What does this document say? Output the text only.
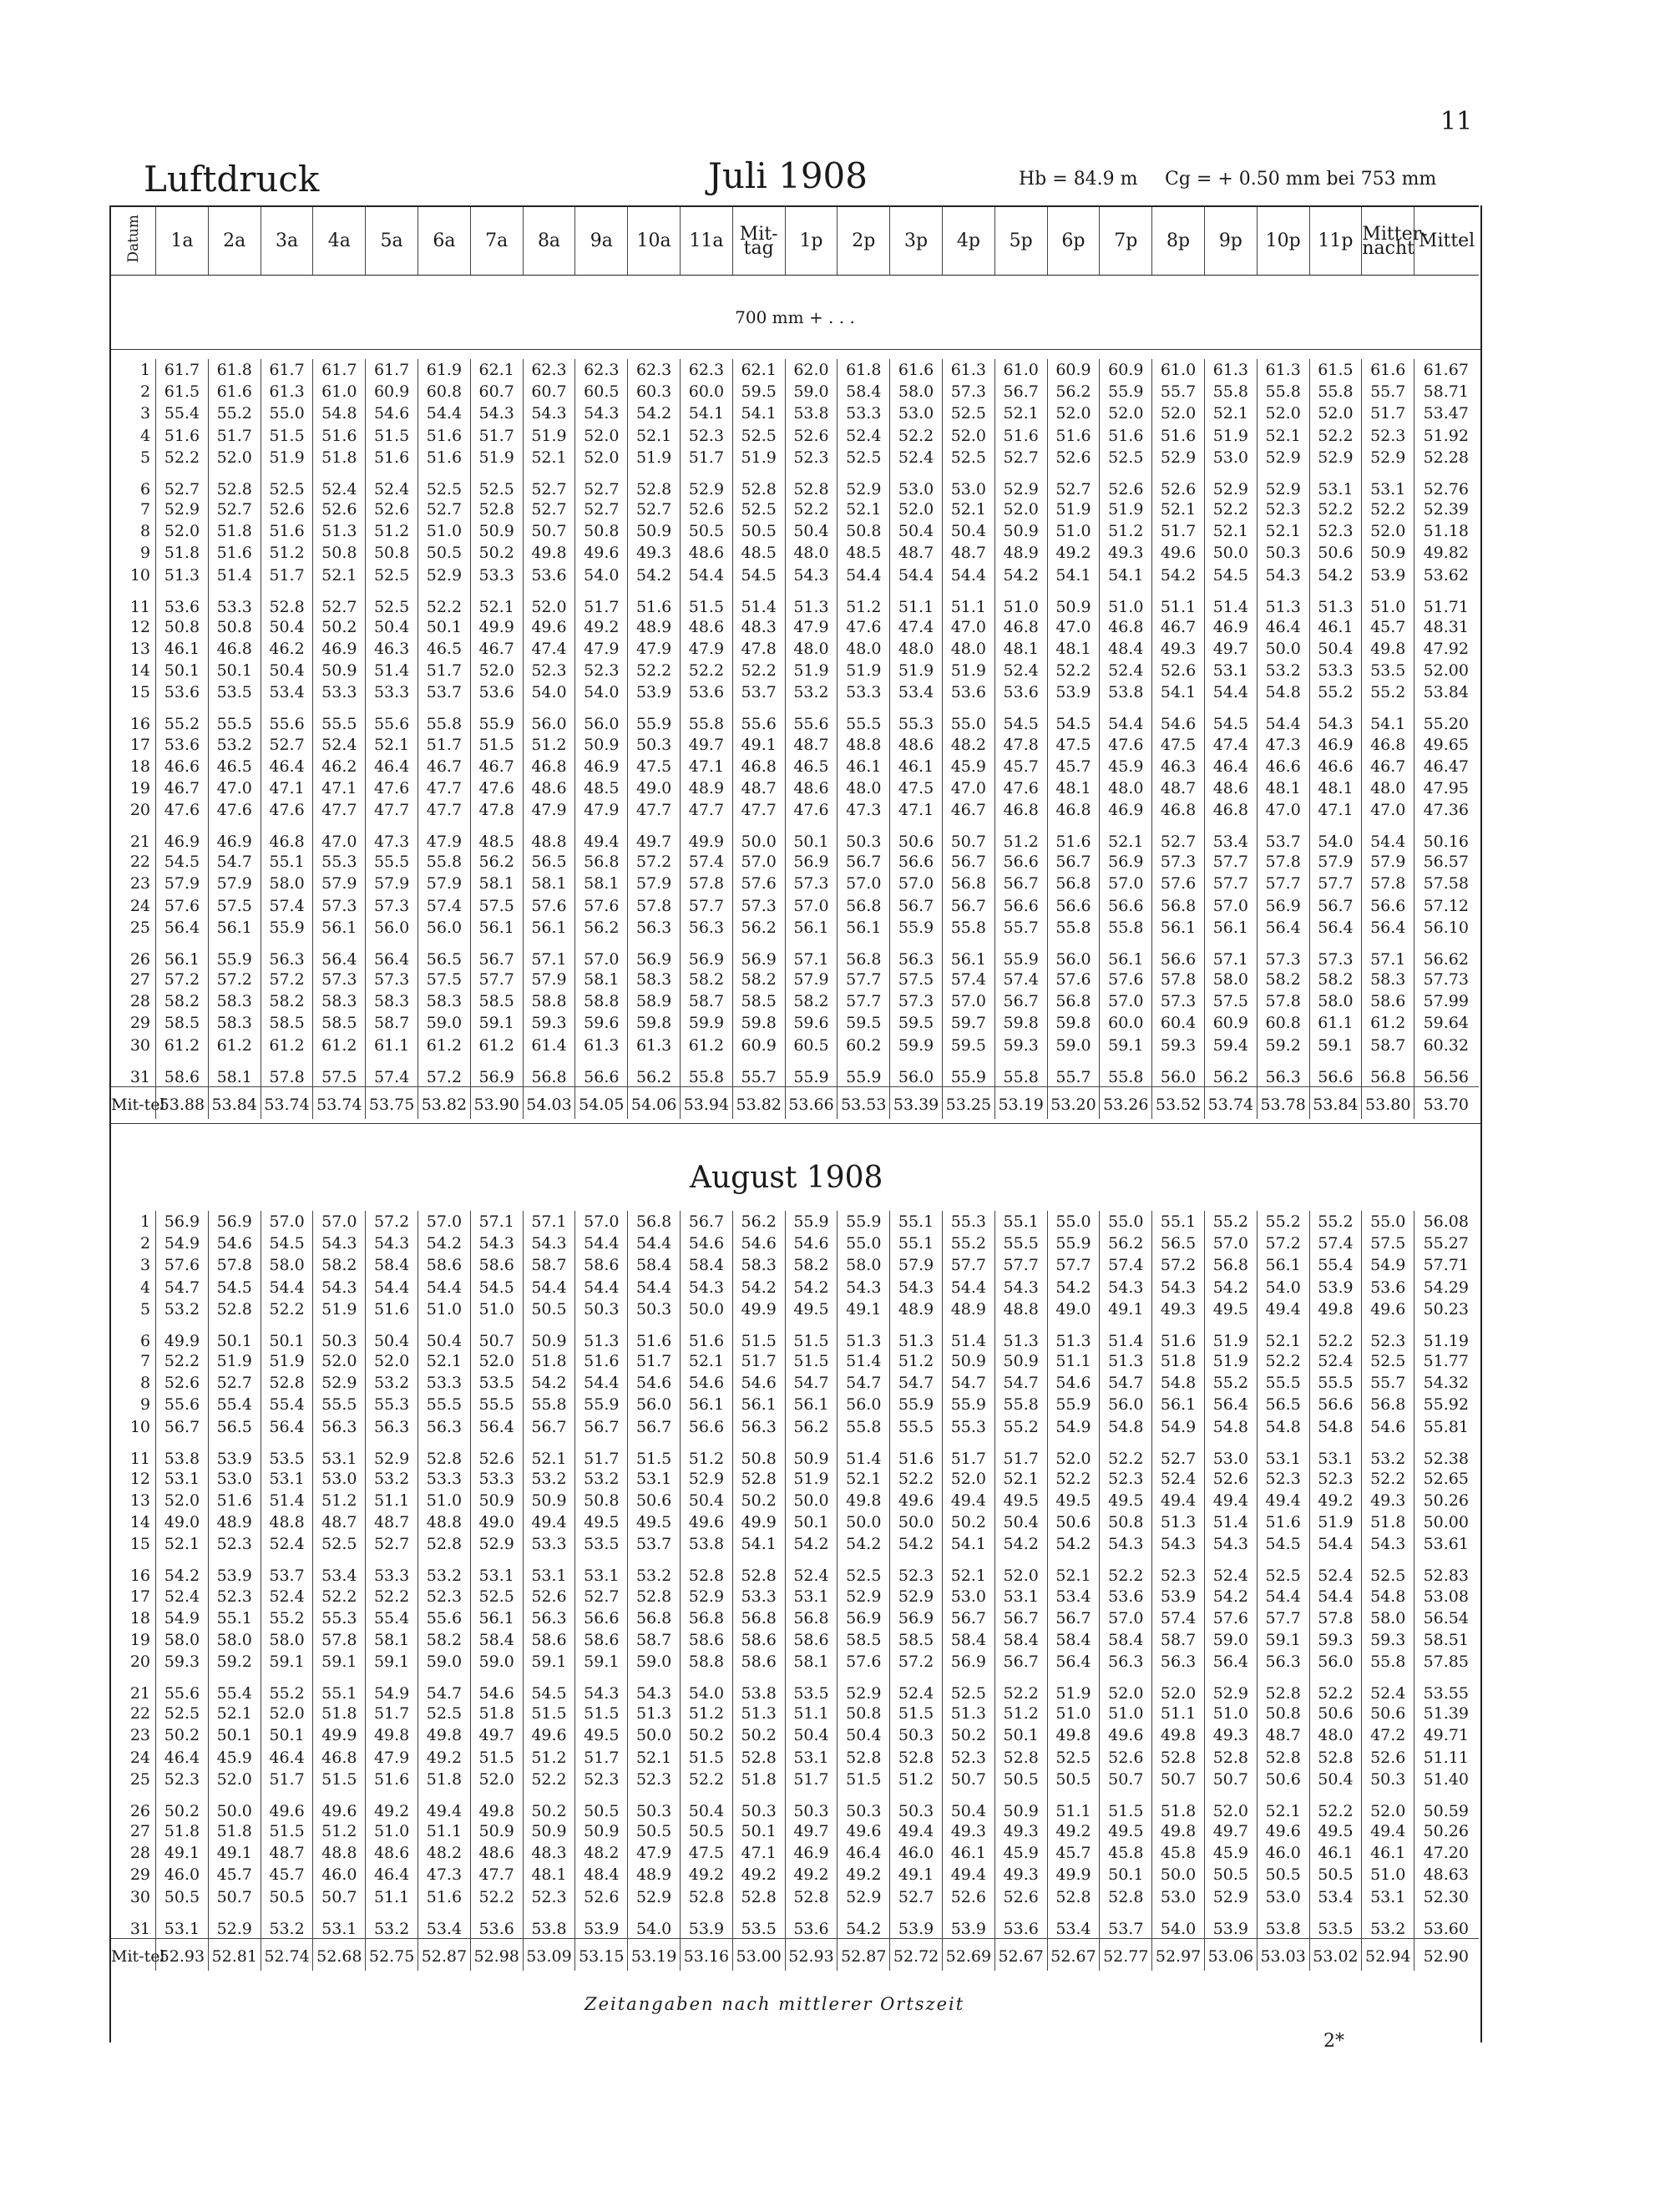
11
Luftdruck	Juli 1908	Hb = 84.9 m Cg = + 0.50 mm bei 753 mm
Datum	1a	2a	3a	4a	5a	6a	7a	8a	9a	10a	11a	Mit-tag	1p	2p	3p	4p	5p	6p	7p	8p	9p	10p	11p	Mitter-nacht	Mittel
700 mm + . . .
1	61.7	61.8	61.7	61.7	61.7	61.9	62.1	62.3	62.3	62.3	62.3	62.1	62.0	61.8	61.6	61.3	61.0	60.9	60.9	61.0	61.3	61.3	61.5	61.6	61.67
2	61.5	61.6	61.3	61.0	60.9	60.8	60.7	60.7	60.5	60.3	60.0	59.5	59.0	58.4	58.0	57.3	56.7	56.2	55.9	55.7	55.8	55.8	55.8	55.7	58.71
3	55.4	55.2	55.0	54.8	54.6	54.4	54.3	54.3	54.3	54.2	54.1	54.1	53.8	53.3	53.0	52.5	52.1	52.0	52.0	52.0	52.1	52.0	52.0	51.7	53.47
4	51.6	51.7	51.5	51.6	51.5	51.6	51.7	51.9	52.0	52.1	52.3	52.5	52.6	52.4	52.2	52.0	51.6	51.6	51.6	51.6	51.9	52.1	52.2	52.3	51.92
5	52.2	52.0	51.9	51.8	51.6	51.6	51.9	52.1	52.0	51.9	51.7	51.9	52.3	52.5	52.4	52.5	52.7	52.6	52.5	52.9	53.0	52.9	52.9	52.9	52.28
6	52.7	52.8	52.5	52.4	52.4	52.5	52.5	52.7	52.7	52.8	52.9	52.8	52.8	52.9	53.0	53.0	52.9	52.7	52.6	52.6	52.9	52.9	53.1	53.1	52.76
7	52.9	52.7	52.6	52.6	52.6	52.7	52.8	52.7	52.7	52.7	52.6	52.5	52.2	52.1	52.0	52.1	52.0	51.9	51.9	52.1	52.2	52.3	52.2	52.2	52.39
8	52.0	51.8	51.6	51.3	51.2	51.0	50.9	50.7	50.8	50.9	50.5	50.5	50.4	50.8	50.4	50.4	50.9	51.0	51.2	51.7	52.1	52.1	52.3	52.0	51.18
9	51.8	51.6	51.2	50.8	50.8	50.5	50.2	49.8	49.6	49.3	48.6	48.5	48.0	48.5	48.7	48.7	48.9	49.2	49.3	49.6	50.0	50.3	50.6	50.9	49.82
10	51.3	51.4	51.7	52.1	52.5	52.9	53.3	53.6	54.0	54.2	54.4	54.5	54.3	54.4	54.4	54.4	54.2	54.1	54.1	54.2	54.5	54.3	54.2	53.9	53.62
11	53.6	53.3	52.8	52.7	52.5	52.2	52.1	52.0	51.7	51.6	51.5	51.4	51.3	51.2	51.1	51.1	51.0	50.9	51.0	51.1	51.4	51.3	51.3	51.0	51.71
12	50.8	50.8	50.4	50.2	50.4	50.1	49.9	49.6	49.2	48.9	48.6	48.3	47.9	47.6	47.4	47.0	46.8	47.0	46.8	46.7	46.9	46.4	46.1	45.7	48.31
13	46.1	46.8	46.2	46.9	46.3	46.5	46.7	47.4	47.9	47.9	47.9	47.8	48.0	48.0	48.0	48.0	48.1	48.1	48.4	49.3	49.7	50.0	50.4	49.8	47.92
14	50.1	50.1	50.4	50.9	51.4	51.7	52.0	52.3	52.3	52.2	52.2	52.2	51.9	51.9	51.9	51.9	52.4	52.2	52.4	52.6	53.1	53.2	53.3	53.5	52.00
15	53.6	53.5	53.4	53.3	53.3	53.7	53.6	54.0	54.0	53.9	53.6	53.7	53.2	53.3	53.4	53.6	53.6	53.9	53.8	54.1	54.4	54.8	55.2	55.2	53.84
16	55.2	55.5	55.6	55.5	55.6	55.8	55.9	56.0	56.0	55.9	55.8	55.6	55.6	55.5	55.3	55.0	54.5	54.5	54.4	54.6	54.5	54.4	54.3	54.1	55.20
17	53.6	53.2	52.7	52.4	52.1	51.7	51.5	51.2	50.9	50.3	49.7	49.1	48.7	48.8	48.6	48.2	47.8	47.5	47.6	47.5	47.4	47.3	46.9	46.8	49.65
18	46.6	46.5	46.4	46.2	46.4	46.7	46.7	46.8	46.9	47.5	47.1	46.8	46.5	46.1	46.1	45.9	45.7	45.7	45.9	46.3	46.4	46.6	46.6	46.7	46.47
19	46.7	47.0	47.1	47.1	47.6	47.7	47.6	48.6	48.5	49.0	48.9	48.7	48.6	48.0	47.5	47.0	47.6	48.1	48.0	48.7	48.6	48.1	48.1	48.0	47.95
20	47.6	47.6	47.6	47.7	47.7	47.7	47.8	47.9	47.9	47.7	47.7	47.7	47.6	47.3	47.1	46.7	46.8	46.8	46.9	46.8	46.8	47.0	47.1	47.0	47.36
21	46.9	46.9	46.8	47.0	47.3	47.9	48.5	48.8	49.4	49.7	49.9	50.0	50.1	50.3	50.6	50.7	51.2	51.6	52.1	52.7	53.4	53.7	54.0	54.4	50.16
22	54.5	54.7	55.1	55.3	55.5	55.8	56.2	56.5	56.8	57.2	57.4	57.0	56.9	56.7	56.6	56.7	56.6	56.7	56.9	57.3	57.7	57.8	57.9	57.9	56.57
23	57.9	57.9	58.0	57.9	57.9	57.9	58.1	58.1	58.1	57.9	57.8	57.6	57.3	57.0	57.0	56.8	56.7	56.8	57.0	57.6	57.7	57.7	57.7	57.8	57.58
24	57.6	57.5	57.4	57.3	57.3	57.4	57.5	57.6	57.6	57.8	57.7	57.3	57.0	56.8	56.7	56.7	56.6	56.6	56.6	56.8	57.0	56.9	56.7	56.6	57.12
25	56.4	56.1	55.9	56.1	56.0	56.0	56.1	56.1	56.2	56.3	56.3	56.2	56.1	56.1	55.9	55.8	55.7	55.8	55.8	56.1	56.1	56.4	56.4	56.4	56.10
26	56.1	55.9	56.3	56.4	56.4	56.5	56.7	57.1	57.0	56.9	56.9	56.9	57.1	56.8	56.3	56.1	55.9	56.0	56.1	56.6	57.1	57.3	57.3	57.1	56.62
27	57.2	57.2	57.2	57.3	57.3	57.5	57.7	57.9	58.1	58.3	58.2	58.2	57.9	57.7	57.5	57.4	57.4	57.6	57.6	57.8	58.0	58.2	58.2	58.3	57.73
28	58.2	58.3	58.2	58.3	58.3	58.3	58.5	58.8	58.8	58.9	58.7	58.5	58.2	57.7	57.3	57.0	56.7	56.8	57.0	57.3	57.5	57.8	58.0	58.6	57.99
29	58.5	58.3	58.5	58.5	58.7	59.0	59.1	59.3	59.6	59.8	59.9	59.8	59.6	59.5	59.5	59.7	59.8	59.8	60.0	60.4	60.9	60.8	61.1	61.2	59.64
30	61.2	61.2	61.2	61.2	61.1	61.2	61.2	61.4	61.3	61.3	61.2	60.9	60.5	60.2	59.9	59.5	59.3	59.0	59.1	59.3	59.4	59.2	59.1	58.7	60.32
31	58.6	58.1	57.8	57.5	57.4	57.2	56.9	56.8	56.6	56.2	55.8	55.7	55.9	55.9	56.0	55.9	55.8	55.7	55.8	56.0	56.2	56.3	56.6	56.8	56.56
Mit-tel	53.88	53.84	53.74	53.74	53.75	53.82	53.90	54.03	54.05	54.06	53.94	53.82	53.66	53.53	53.39	53.25	53.19	53.20	53.26	53.52	53.74	53.78	53.84	53.80	53.70
August 1908
1	56.9	56.9	57.0	57.0	57.2	57.0	57.1	57.1	57.0	56.8	56.7	56.2	55.9	55.9	55.1	55.3	55.1	55.0	55.0	55.1	55.2	55.2	55.2	55.0	56.08
2	54.9	54.6	54.5	54.3	54.3	54.2	54.3	54.3	54.4	54.4	54.6	54.6	54.6	55.0	55.1	55.2	55.5	55.9	56.2	56.5	57.0	57.2	57.4	57.5	55.27
3	57.6	57.8	58.0	58.2	58.4	58.6	58.6	58.7	58.6	58.4	58.4	58.3	58.2	58.0	57.9	57.7	57.7	57.7	57.4	57.2	56.8	56.1	55.4	54.9	57.71
4	54.7	54.5	54.4	54.3	54.4	54.4	54.5	54.4	54.4	54.4	54.3	54.2	54.2	54.3	54.3	54.4	54.3	54.2	54.3	54.3	54.2	54.0	53.9	53.6	54.29
5	53.2	52.8	52.2	51.9	51.6	51.0	51.0	50.5	50.3	50.3	50.0	49.9	49.5	49.1	48.9	48.9	48.8	49.0	49.1	49.3	49.5	49.4	49.8	49.6	50.23
6	49.9	50.1	50.1	50.3	50.4	50.4	50.7	50.9	51.3	51.6	51.6	51.5	51.5	51.3	51.3	51.4	51.3	51.3	51.4	51.6	51.9	52.1	52.2	52.3	51.19
7	52.2	51.9	51.9	52.0	52.0	52.1	52.0	51.8	51.6	51.7	52.1	51.7	51.5	51.4	51.2	50.9	50.9	51.1	51.3	51.8	51.9	52.2	52.4	52.5	51.77
8	52.6	52.7	52.8	52.9	53.2	53.3	53.5	54.2	54.4	54.6	54.6	54.6	54.7	54.7	54.7	54.7	54.7	54.6	54.7	54.8	55.2	55.5	55.5	55.7	54.32
9	55.6	55.4	55.4	55.5	55.3	55.5	55.5	55.8	55.9	56.0	56.1	56.1	56.1	56.0	55.9	55.9	55.8	55.9	56.0	56.1	56.4	56.5	56.6	56.8	55.92
10	56.7	56.5	56.4	56.3	56.3	56.3	56.4	56.7	56.7	56.7	56.6	56.3	56.2	55.8	55.5	55.3	55.2	54.9	54.8	54.9	54.8	54.8	54.8	54.6	55.81
11	53.8	53.9	53.5	53.1	52.9	52.8	52.6	52.1	51.7	51.5	51.2	50.8	50.9	51.4	51.6	51.7	51.7	52.0	52.2	52.7	53.0	53.1	53.1	53.2	52.38
12	53.1	53.0	53.1	53.0	53.2	53.3	53.3	53.2	53.2	53.1	52.9	52.8	51.9	52.1	52.2	52.0	52.1	52.2	52.3	52.4	52.6	52.3	52.3	52.2	52.65
13	52.0	51.6	51.4	51.2	51.1	51.0	50.9	50.9	50.8	50.6	50.4	50.2	50.0	49.8	49.6	49.4	49.5	49.5	49.5	49.4	49.4	49.4	49.2	49.3	50.26
14	49.0	48.9	48.8	48.7	48.7	48.8	49.0	49.4	49.5	49.5	49.6	49.9	50.1	50.0	50.0	50.2	50.4	50.6	50.8	51.3	51.4	51.6	51.9	51.8	50.00
15	52.1	52.3	52.4	52.5	52.7	52.8	52.9	53.3	53.5	53.7	53.8	54.1	54.2	54.2	54.2	54.1	54.2	54.2	54.3	54.3	54.3	54.5	54.4	54.3	53.61
16	54.2	53.9	53.7	53.4	53.3	53.2	53.1	53.1	53.1	53.2	52.8	52.8	52.4	52.5	52.3	52.1	52.0	52.1	52.2	52.3	52.4	52.5	52.4	52.5	52.83
17	52.4	52.3	52.4	52.2	52.2	52.3	52.5	52.6	52.7	52.8	52.9	53.3	53.1	52.9	52.9	53.0	53.1	53.4	53.6	53.9	54.2	54.4	54.4	54.8	53.08
18	54.9	55.1	55.2	55.3	55.4	55.6	56.1	56.3	56.6	56.8	56.8	56.8	56.8	56.9	56.9	56.7	56.7	56.7	57.0	57.4	57.6	57.7	57.8	58.0	56.54
19	58.0	58.0	58.0	57.8	58.1	58.2	58.4	58.6	58.6	58.7	58.6	58.6	58.6	58.5	58.5	58.4	58.4	58.4	58.4	58.7	59.0	59.1	59.3	59.3	58.51
20	59.3	59.2	59.1	59.1	59.1	59.0	59.0	59.1	59.1	59.0	58.8	58.6	58.1	57.6	57.2	56.9	56.7	56.4	56.3	56.3	56.4	56.3	56.0	55.8	57.85
21	55.6	55.4	55.2	55.1	54.9	54.7	54.6	54.5	54.3	54.3	54.0	53.8	53.5	52.9	52.4	52.5	52.2	51.9	52.0	52.0	52.9	52.8	52.2	52.4	53.55
22	52.5	52.1	52.0	51.8	51.7	52.5	51.8	51.5	51.5	51.3	51.2	51.3	51.1	50.8	51.5	51.3	51.2	51.0	51.0	51.1	51.0	50.8	50.6	50.6	51.39
23	50.2	50.1	50.1	49.9	49.8	49.8	49.7	49.6	49.5	50.0	50.2	50.2	50.4	50.4	50.3	50.2	50.1	49.8	49.6	49.8	49.3	48.7	48.0	47.2	49.71
24	46.4	45.9	46.4	46.8	47.9	49.2	51.5	51.2	51.7	52.1	51.5	52.8	53.1	52.8	52.8	52.3	52.8	52.5	52.6	52.8	52.8	52.8	52.8	52.6	51.11
25	52.3	52.0	51.7	51.5	51.6	51.8	52.0	52.2	52.3	52.3	52.2	51.8	51.7	51.5	51.2	50.7	50.5	50.5	50.7	50.7	50.7	50.6	50.4	50.3	51.40
26	50.2	50.0	49.6	49.6	49.2	49.4	49.8	50.2	50.5	50.3	50.4	50.3	50.3	50.3	50.3	50.4	50.9	51.1	51.5	51.8	52.0	52.1	52.2	52.0	50.59
27	51.8	51.8	51.5	51.2	51.0	51.1	50.9	50.9	50.9	50.5	50.5	50.1	49.7	49.6	49.4	49.3	49.3	49.2	49.5	49.8	49.7	49.6	49.5	49.4	50.26
28	49.1	49.1	48.7	48.8	48.6	48.2	48.6	48.3	48.2	47.9	47.5	47.1	46.9	46.4	46.0	46.1	45.9	45.7	45.8	45.8	45.9	46.0	46.1	46.1	47.20
29	46.0	45.7	45.7	46.0	46.4	47.3	47.7	48.1	48.4	48.9	49.2	49.2	49.2	49.2	49.1	49.4	49.3	49.9	50.1	50.0	50.5	50.5	50.5	51.0	48.63
30	50.5	50.7	50.5	50.7	51.1	51.6	52.2	52.3	52.6	52.9	52.8	52.8	52.8	52.9	52.7	52.6	52.6	52.8	52.8	53.0	52.9	53.0	53.4	53.1	52.30
31	53.1	52.9	53.2	53.1	53.2	53.4	53.6	53.8	53.9	54.0	53.9	53.5	53.6	54.2	53.9	53.9	53.6	53.4	53.7	54.0	53.9	53.8	53.5	53.2	53.60
Mit-tel	52.93	52.81	52.74	52.68	52.75	52.87	52.98	53.09	53.15	53.19	53.16	53.00	52.93	52.87	52.72	52.69	52.67	52.67	52.77	52.97	53.06	53.03	53.02	52.94	52.90
Zeitangaben nach mittlerer Ortszeit
2*
